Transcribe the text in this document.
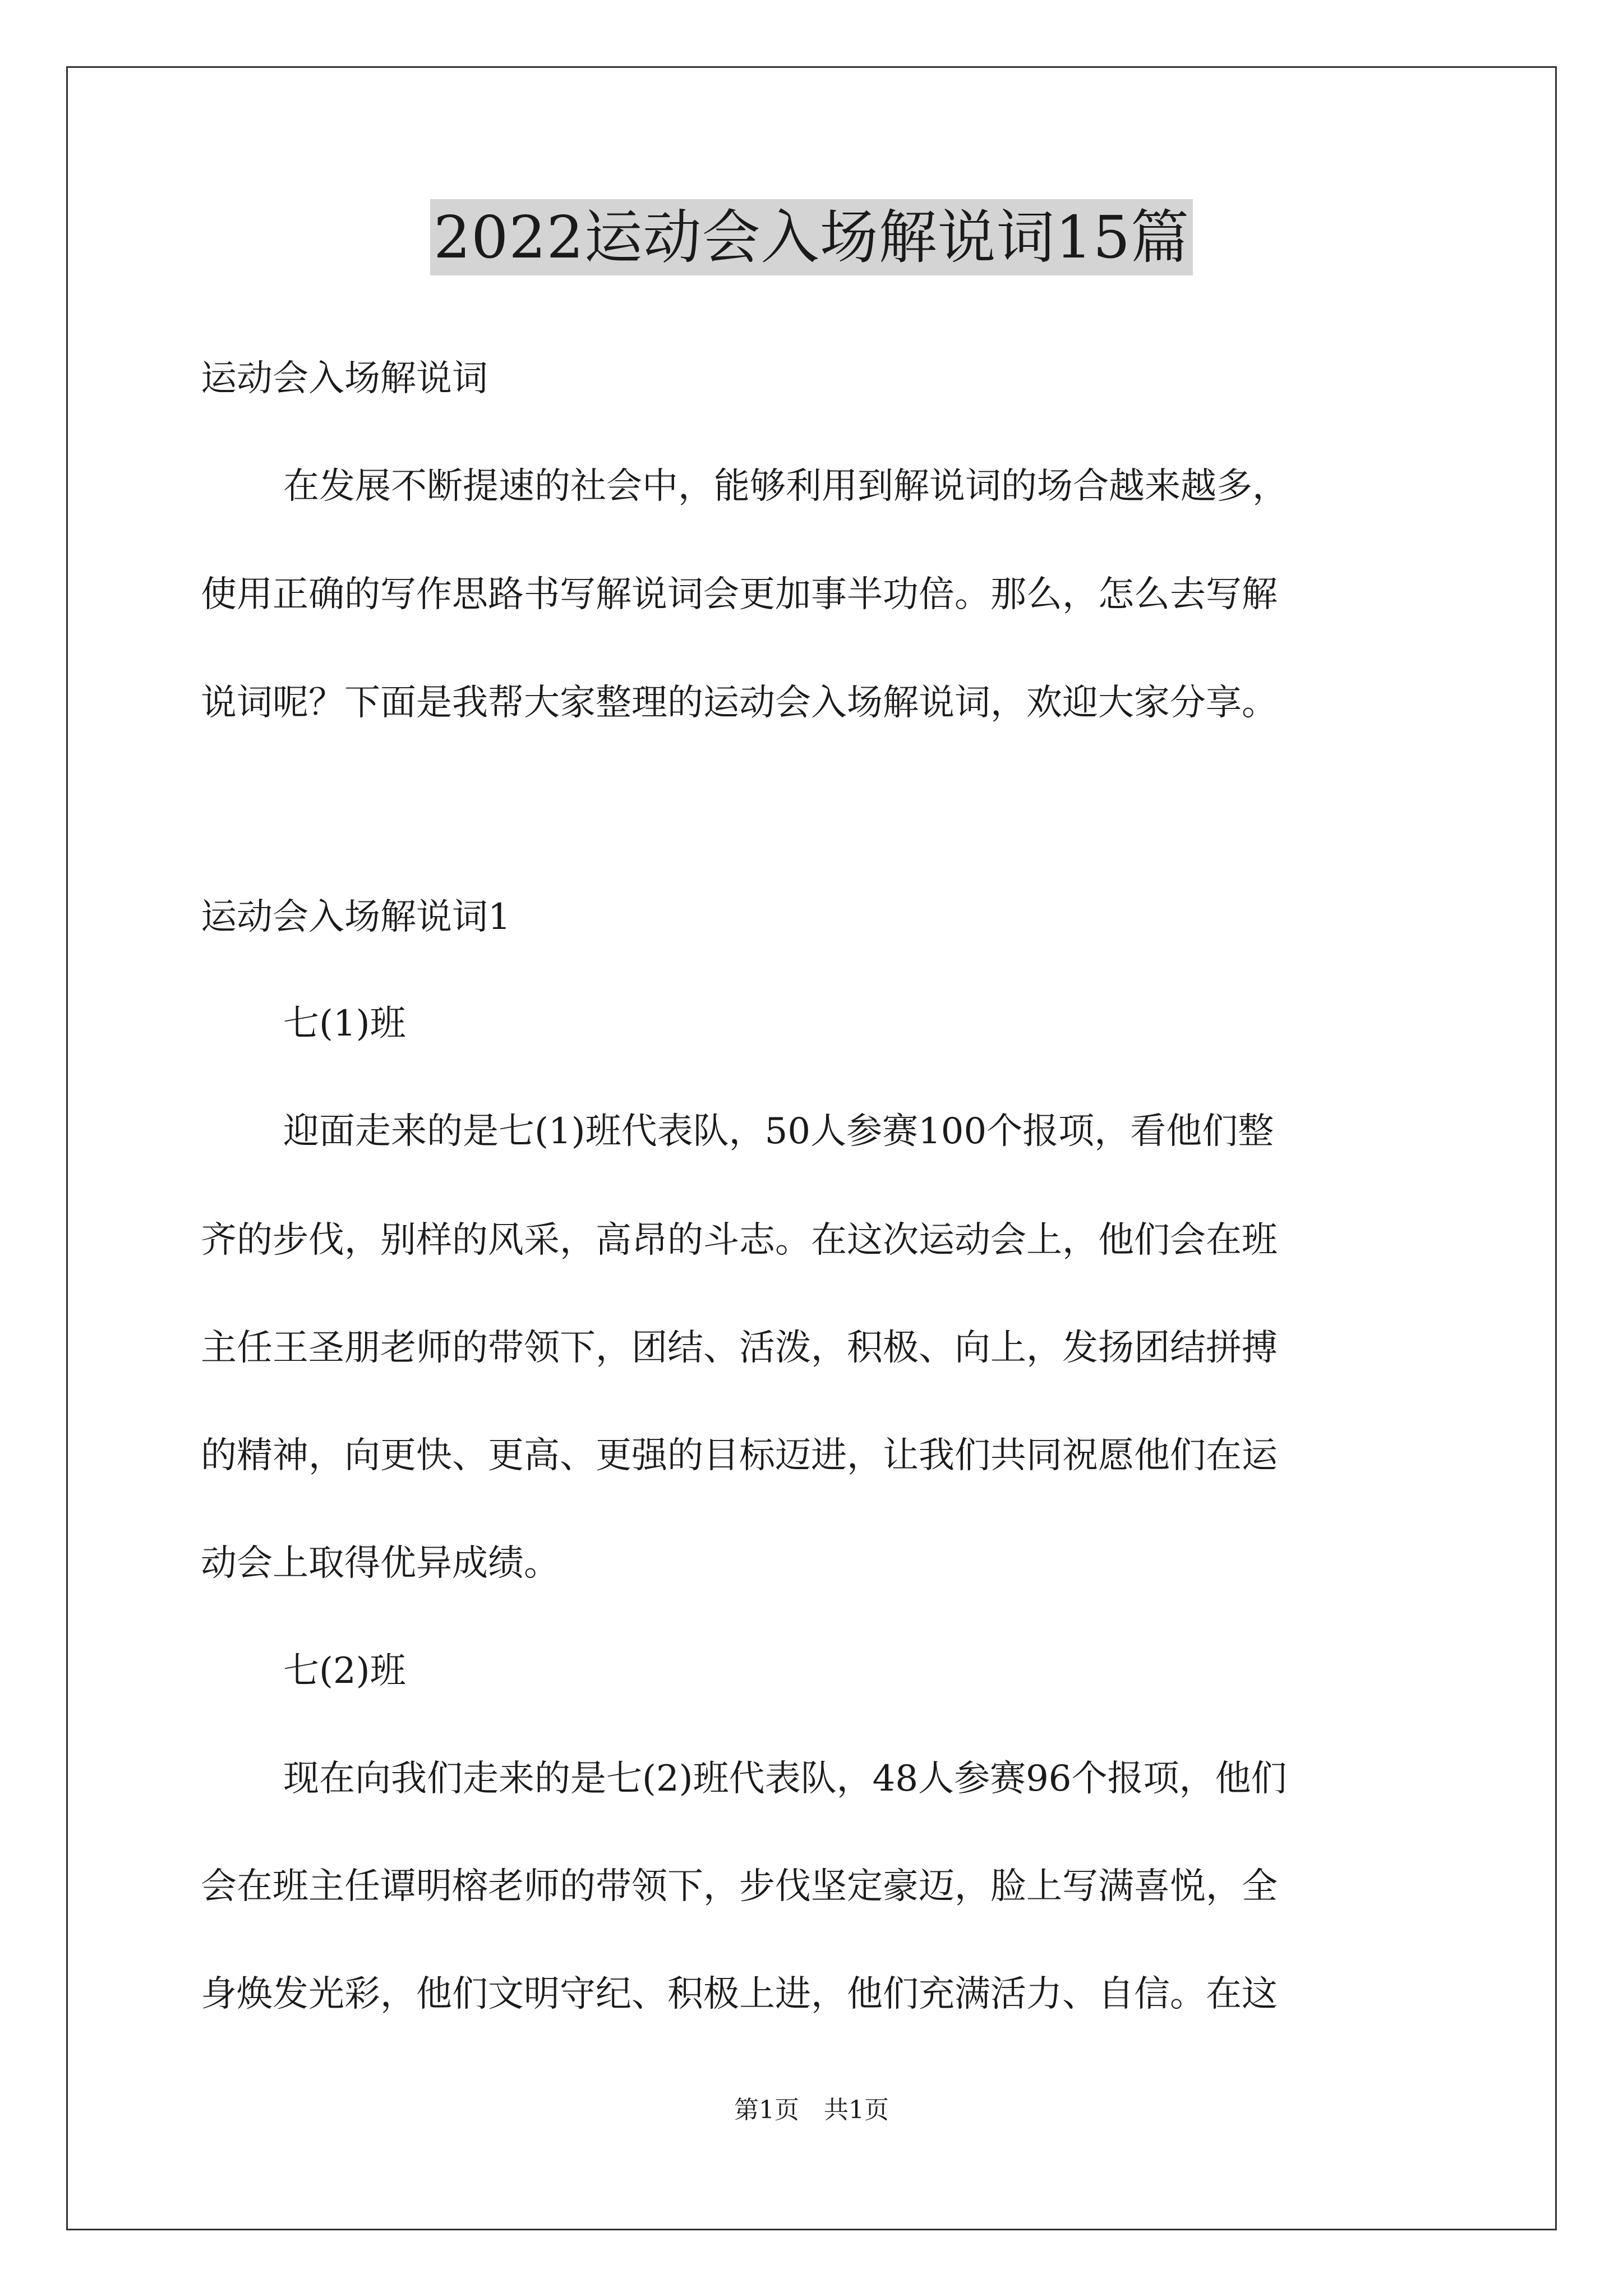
2022运动会入场解说词15篇
运动会入场解说词
在发展不断提速的社会中，能够利用到解说词的场合越来越多，
使用正确的写作思路书写解说词会更加事半功倍。那么，怎么去写解
说词呢？下面是我帮大家整理的运动会入场解说词，欢迎大家分享。
运动会入场解说词1
七(1)班
迎面走来的是七(1)班代表队，50人参赛100个报项，看他们整
齐的步伐，别样的风采，高昂的斗志。在这次运动会上，他们会在班
主任王圣朋老师的带领下，团结、活泼，积极、向上，发扬团结拼搏
的精神，向更快、更高、更强的目标迈进，让我们共同祝愿他们在运
动会上取得优异成绩。
七(2)班
现在向我们走来的是七(2)班代表队，48人参赛96个报项，他们
会在班主任谭明榕老师的带领下，步伐坚定豪迈，脸上写满喜悦，全
身焕发光彩，他们文明守纪、积极上进，他们充满活力、自信。在这
第1页　共1页
